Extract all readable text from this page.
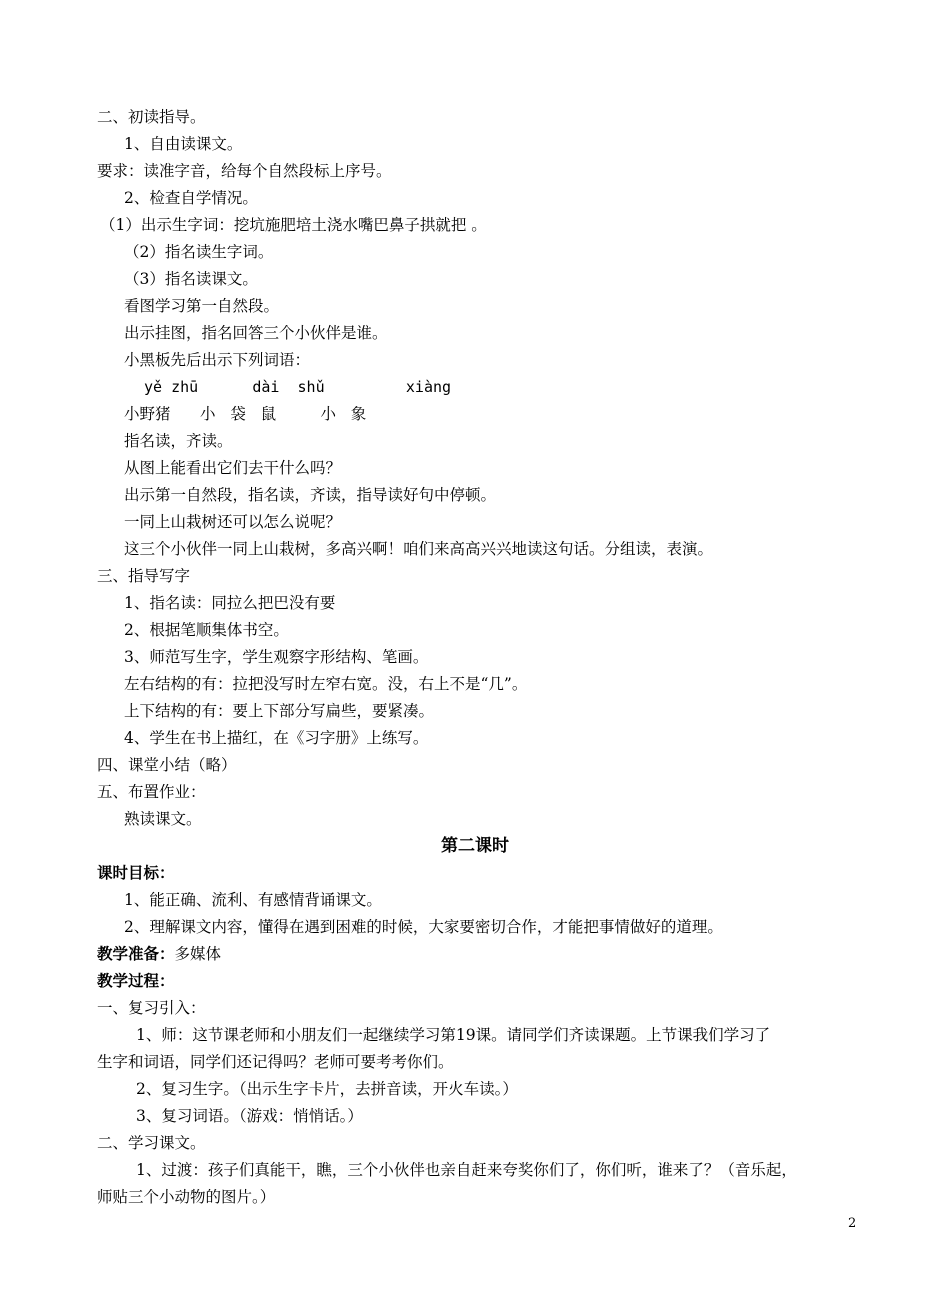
二、初读指导。
1、自由读课文。
要求：读准字音，给每个自然段标上序号。
2、检查自学情况。
（1）出示生字词：挖坑施肥培土浇水嘴巴鼻子拱就把 。
（2）指名读生字词。
（3）指名读课文。
看图学习第一自然段。
出示挂图，指名回答三个小伙伴是谁。
小黑板先后出示下列词语：
yě zhū      dài  shǔ         xiàng
小野猪      小   袋   鼠         小   象
指名读，齐读。
从图上能看出它们去干什么吗？
出示第一自然段，指名读，齐读，指导读好句中停顿。
一同上山栽树还可以怎么说呢？
这三个小伙伴一同上山栽树，多高兴啊！咱们来高高兴兴地读这句话。分组读，表演。
三、指导写字
1、指名读：同拉么把巴没有要
2、根据笔顺集体书空。
3、师范写生字，学生观察字形结构、笔画。
左右结构的有：拉把没写时左窄右宽。没，右上不是“几”。
上下结构的有：要上下部分写扁些，要紧凑。
4、学生在书上描红，在《习字册》上练写。
四、课堂小结（略）
五、布置作业：
熟读课文。
第二课时
课时目标：
1、能正确、流利、有感情背诵课文。
2、理解课文内容，懂得在遇到困难的时候，大家要密切合作，才能把事情做好的道理。
教学准备：多媒体
教学过程：
一、复习引入：
1、师：这节课老师和小朋友们一起继续学习第19课。请同学们齐读课题。上节课我们学习了
生字和词语，同学们还记得吗？老师可要考考你们。
2、复习生字。（出示生字卡片，去拼音读，开火车读。）
3、复习词语。（游戏：悄悄话。）
二、学习课文。
1、过渡：孩子们真能干，瞧，三个小伙伴也亲自赶来夸奖你们了，你们听，谁来了？（音乐起，
师贴三个小动物的图片。）
2
